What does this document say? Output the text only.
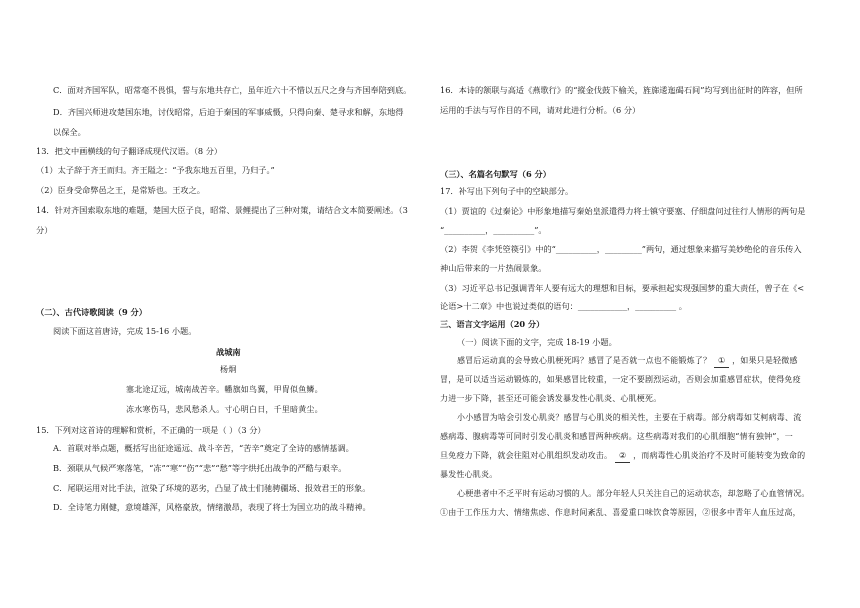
C．面对齐国军队，昭常毫不畏惧，誓与东地共存亡，虽年近六十不惜以五尺之身与齐国奉陪到底。
D．齐国兴师进攻楚国东地，讨伐昭常，后迫于秦国的军事威慑，只得向秦、楚寻求和解，东地得
以保全。
13．把文中画横线的句子翻译成现代汉语。（8 分）
（1）太子辞于齐王而归。齐王隘之：“予我东地五百里，乃归子。”
（2）臣身受命弊邑之王，是常矫也。王攻之。
14．针对齐国索取东地的难题，楚国大臣子良，昭常、景鲤提出了三种对策，请结合文本简要阐述。（3
分）
（二）、古代诗歌阅读（9 分）
阅读下面这首唐诗，完成 15-16 小题。
战城南
杨炯
塞北途辽远，城南战苦辛。幡旗如鸟翼，甲胄似鱼鳞。
冻水寒伤马，悲风愁杀人。寸心明白日，千里暗黄尘。
15．下列对这首诗的理解和赏析，不正确的一项是（ ）（3 分）
A．首联对举点题，概括写出征途遥远、战斗辛苦，“苦辛”奠定了全诗的感情基调。
B．颈联从气候严寒落笔，“冻”“寒”“伤”“悲”“愁”等字烘托出战争的严酷与艰辛。
C．尾联运用对比手法，渲染了环境的恶劣，凸显了战士们驰骋疆场、报效君王的形象。
D．全诗笔力刚健，意境雄浑，风格豪放，情绪激昂，表现了将士为国立功的战斗精神。
16．本诗的颔联与高适《燕歌行》的“摐金伐鼓下榆关，旌旆逶迤碣石间”均写到出征时的阵容，但所
运用的手法与写作目的不同，请对此进行分析。（6 分）
（三）、名篇名句默写（6 分）
17．补写出下列句子中的空缺部分。
（1）贾谊的《过秦论》中形象地描写秦始皇派遣得力将士镇守要塞、仔细盘问过往行人情形的两句是
“__________，__________”。
（2）李贺《李凭箜篌引》中的“__________，_________”两句，通过想象来描写美妙绝伦的音乐传入
神山后带来的一片热闹景象。
（3）习近平总书记强调青年人要有远大的理想和目标，要承担起实现强国梦的重大责任，曾子在《<
论语>十二章》中也说过类似的语句：____________，__________ 。
三、语言文字运用（20 分）
（一）阅读下面的文字，完成 18-19 小题。
感冒后运动真的会导致心肌梗死吗？感冒了是否就一点也不能锻炼了？ ① ，如果只是轻微感
冒，是可以适当运动锻炼的，如果感冒比较重，一定不要剧烈运动，否则会加重感冒症状，使得免疫
力进一步下降，甚至还可能会诱发暴发性心肌炎、心肌梗死。
小小感冒为啥会引发心肌炎？感冒与心肌炎的相关性，主要在于病毒。部分病毒如艾柯病毒、流
感病毒、腺病毒等可同时引发心肌炎和感冒两种疾病。这些病毒对我们的心肌细胞“情有独钟”，一
旦免疫力下降，就会往阻对心肌组织发动攻击。 ② ，而病毒性心肌炎治疗不及时可能转变为致命的
暴发性心肌炎。
心梗患者中不乏平时有运动习惯的人。部分年轻人只关注自己的运动状态，却忽略了心血管情况。
①由于工作压力大、情绪焦虑、作息时间紊乱、喜爱重口味饮食等原因，②很多中青年人血压过高，
